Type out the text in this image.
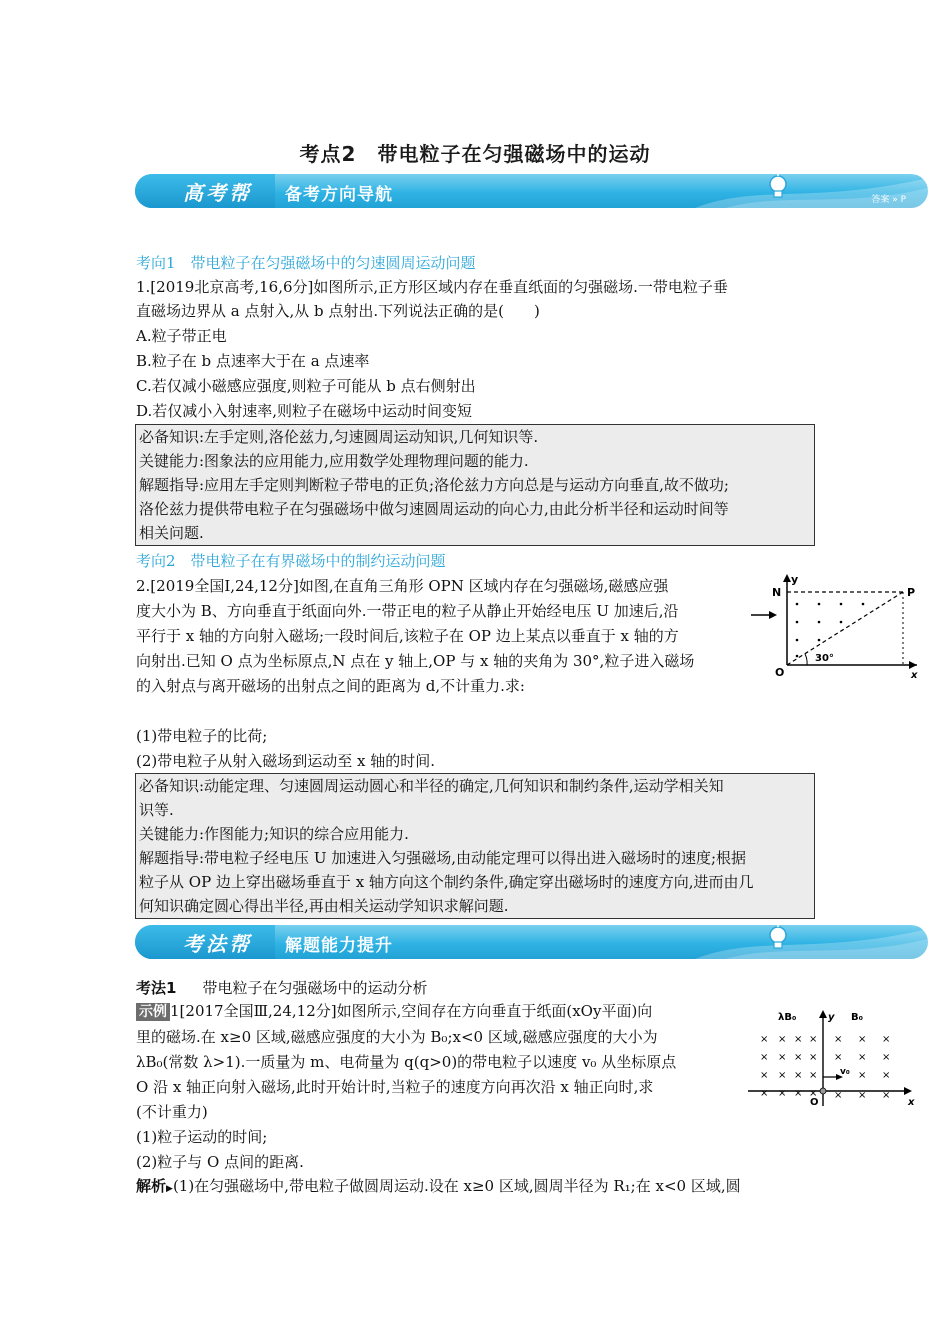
考点2　带电粒子在匀强磁场中的运动
高考帮 备考方向导航	答案 » P
考向1　带电粒子在匀强磁场中的匀速圆周运动问题
1.[2019北京高考,16,6分]如图所示,正方形区域内存在垂直纸面的匀强磁场.一带电粒子垂
直磁场边界从 a 点射入,从 b 点射出.下列说法正确的是(　　)
A.粒子带正电
B.粒子在 b 点速率大于在 a 点速率
C.若仅减小磁感应强度,则粒子可能从 b 点右侧射出
D.若仅减小入射速率,则粒子在磁场中运动时间变短

必备知识:左手定则,洛伦兹力,匀速圆周运动知识,几何知识等.

关键能力:图象法的应用能力,应用数学处理物理问题的能力.

解题指导:应用左手定则判断粒子带电的正负;洛伦兹力方向总是与运动方向垂直,故不做功;

洛伦兹力提供带电粒子在匀强磁场中做匀速圆周运动的向心力,由此分析半径和运动时间等

相关问题.

考向2　带电粒子在有界磁场中的制约运动问题
2.[2019全国Ⅰ,24,12分]如图,在直角三角形 OPN 区域内存在匀强磁场,磁感应强
度大小为 B、方向垂直于纸面向外.一带正电的粒子从静止开始经电压 U 加速后,沿
平行于 x 轴的方向射入磁场;一段时间后,该粒子在 OP 边上某点以垂直于 x 轴的方
向射出.已知 O 点为坐标原点,N 点在 y 轴上,OP 与 x 轴的夹角为 30°,粒子进入磁场
的入射点与离开磁场的出射点之间的距离为 d,不计重力.求:
(1)带电粒子的比荷;
(2)带电粒子从射入磁场到运动至 x 轴的时间.
y
N	P
O	x
30°

必备知识:动能定理、匀速圆周运动圆心和半径的确定,几何知识和制约条件,运动学相关知

识等.

关键能力:作图能力;知识的综合应用能力.

解题指导:带电粒子经电压 U 加速进入匀强磁场,由动能定理可以得出进入磁场时的速度;根据

粒子从 OP 边上穿出磁场垂直于 x 轴方向这个制约条件,确定穿出磁场时的速度方向,进而由几

何知识确定圆心得出半径,再由相关运动学知识求解问题.

考法帮 解题能力提升
考法1 带电粒子在匀强磁场中的运动分析
示例 1[2017全国Ⅲ,24,12分]如图所示,空间存在方向垂直于纸面(xOy平面)向
里的磁场.在 x≥0 区域,磁感应强度的大小为 B₀;x<0 区域,磁感应强度的大小为
λB₀(常数 λ>1).一质量为 m、电荷量为 q(q>0)的带电粒子以速度 v₀ 从坐标原点
O 沿 x 轴正向射入磁场,此时开始计时,当粒子的速度方向再次沿 x 轴正向时,求
(不计重力)
(1)粒子运动的时间;
(2)粒子与 O 点间的距离.
解析▶(1)在匀强磁场中,带电粒子做圆周运动.设在 x≥0 区域,圆周半径为 R₁;在 x<0 区域,圆
× × × ×
× × × ×
× × × ×
× × × ×
× × ×
× × ×
× ×
× × ×
λB₀	y B₀
v₀
O	x
